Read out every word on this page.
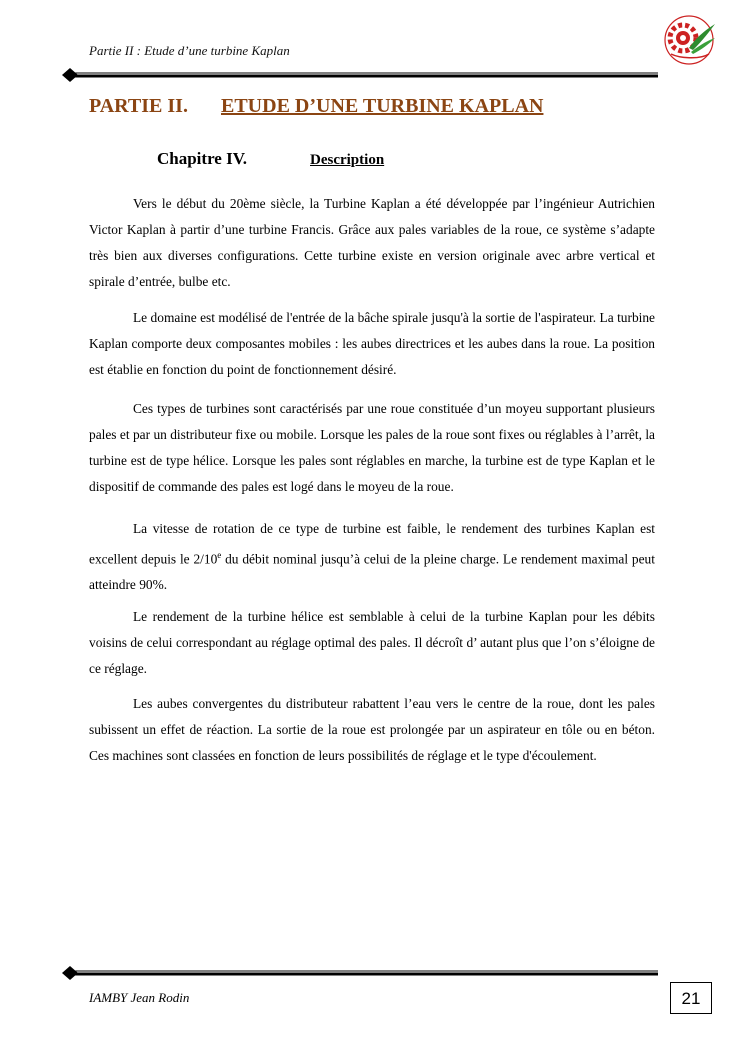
Partie II : Etude d’une turbine Kaplan
PARTIE II. ETUDE D’UNE TURBINE KAPLAN
Chapitre IV.	Description

Vers le début du 20ème siècle, la Turbine Kaplan a été développée par l’ingénieur Autrichien Victor Kaplan à partir d’une turbine Francis. Grâce aux pales variables de la roue, ce système s’adapte très bien aux diverses configurations. Cette turbine existe en version originale avec arbre vertical et spirale d’entrée, bulbe etc.

Le domaine est modélisé de l'entrée de la bâche spirale jusqu'à la sortie de l'aspirateur. La turbine Kaplan comporte deux composantes mobiles : les aubes directrices et les aubes dans la roue. La position est établie en fonction du point de fonctionnement désiré.

Ces types de turbines sont caractérisés par une roue constituée d’un moyeu supportant plusieurs pales et par un distributeur fixe ou mobile. Lorsque les pales de la roue sont fixes ou réglables à l’arrêt, la turbine est de type hélice. Lorsque les pales sont réglables en marche, la turbine est de type Kaplan et le dispositif de commande des pales est logé dans le moyeu de la roue.

La vitesse de rotation de ce type de turbine est faible, le rendement des turbines Kaplan est excellent depuis le 2/10e du débit nominal jusqu’à celui de la pleine charge. Le rendement maximal peut atteindre 90%.

Le rendement de la turbine hélice est semblable à celui de la turbine Kaplan pour les débits voisins de celui correspondant au réglage optimal des pales. Il décroît d’ autant plus que l’on s’éloigne de ce réglage.

Les aubes convergentes du distributeur rabattent l’eau vers le centre de la roue, dont les pales subissent un effet de réaction. La sortie de la roue est prolongée par un aspirateur en tôle ou en béton. Ces machines sont classées en fonction de leurs possibilités de réglage et le type d'écoulement.

IAMBY Jean Rodin	21
